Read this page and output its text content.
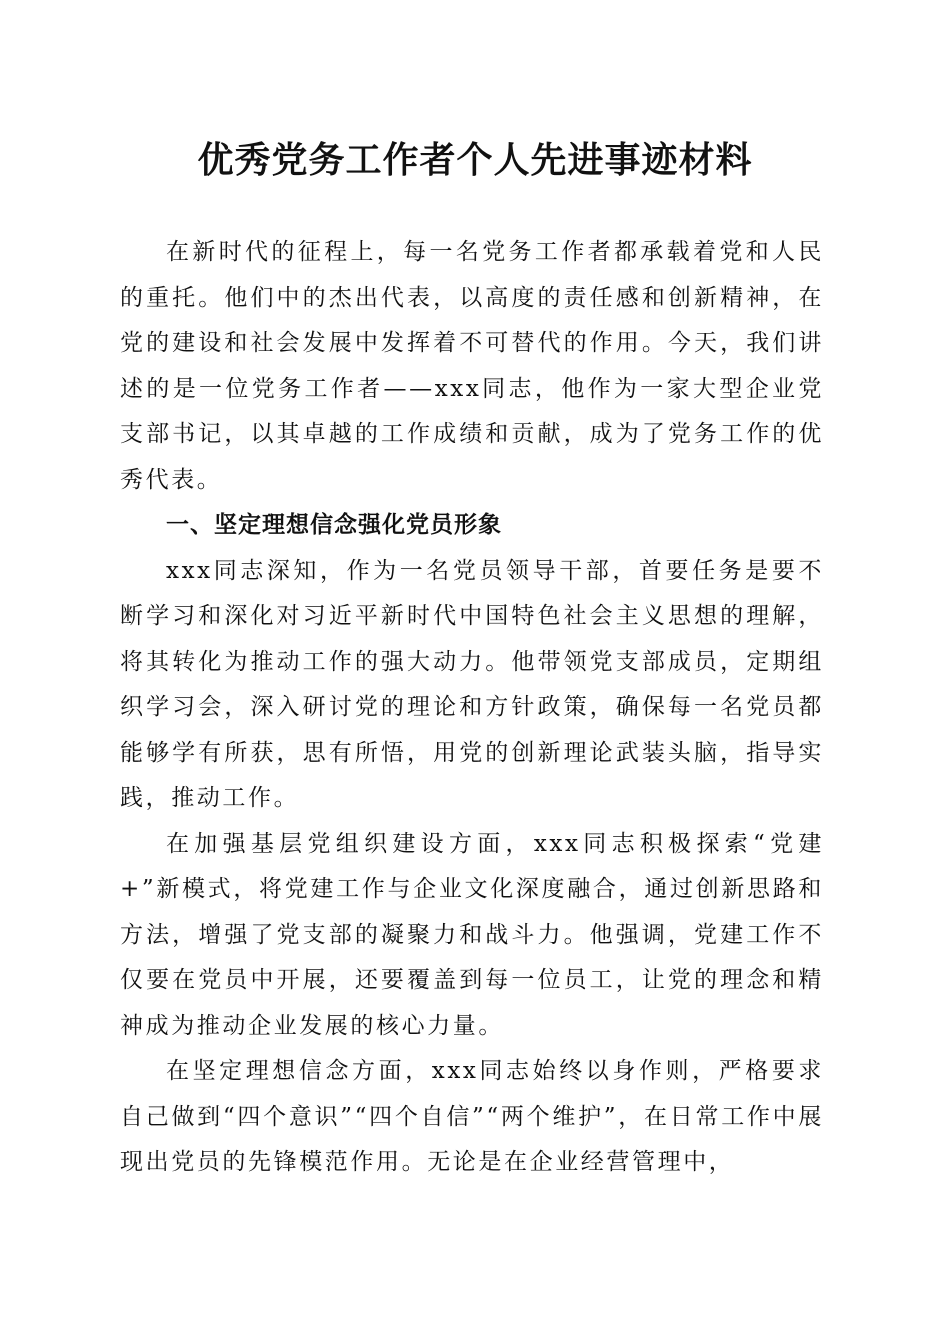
优秀党务工作者个人先进事迹材料

在新时代的征程上，每一名党务工作者都承载着党和人民的重托。他们中的杰出代表，以高度的责任感和创新精神，在党的建设和社会发展中发挥着不可替代的作用。今天，我们讲述的是一位党务工作者——xxx同志，他作为一家大型企业党支部书记，以其卓越的工作成绩和贡献，成为了党务工作的优秀代表。

一、坚定理想信念强化党员形象

xxx同志深知，作为一名党员领导干部，首要任务是要不断学习和深化对习近平新时代中国特色社会主义思想的理解，将其转化为推动工作的强大动力。他带领党支部成员，定期组织学习会，深入研讨党的理论和方针政策，确保每一名党员都能够学有所获，思有所悟，用党的创新理论武装头脑，指导实践，推动工作。

在加强基层党组织建设方面，xxx同志积极探索“党建+”新模式，将党建工作与企业文化深度融合，通过创新思路和方法，增强了党支部的凝聚力和战斗力。他强调，党建工作不仅要在党员中开展，还要覆盖到每一位员工，让党的理念和精神成为推动企业发展的核心力量。

在坚定理想信念方面，xxx同志始终以身作则，严格要求自己做到“四个意识”“四个自信”“两个维护”，在日常工作中展现出党员的先锋模范作用。无论是在企业经营管理中，
